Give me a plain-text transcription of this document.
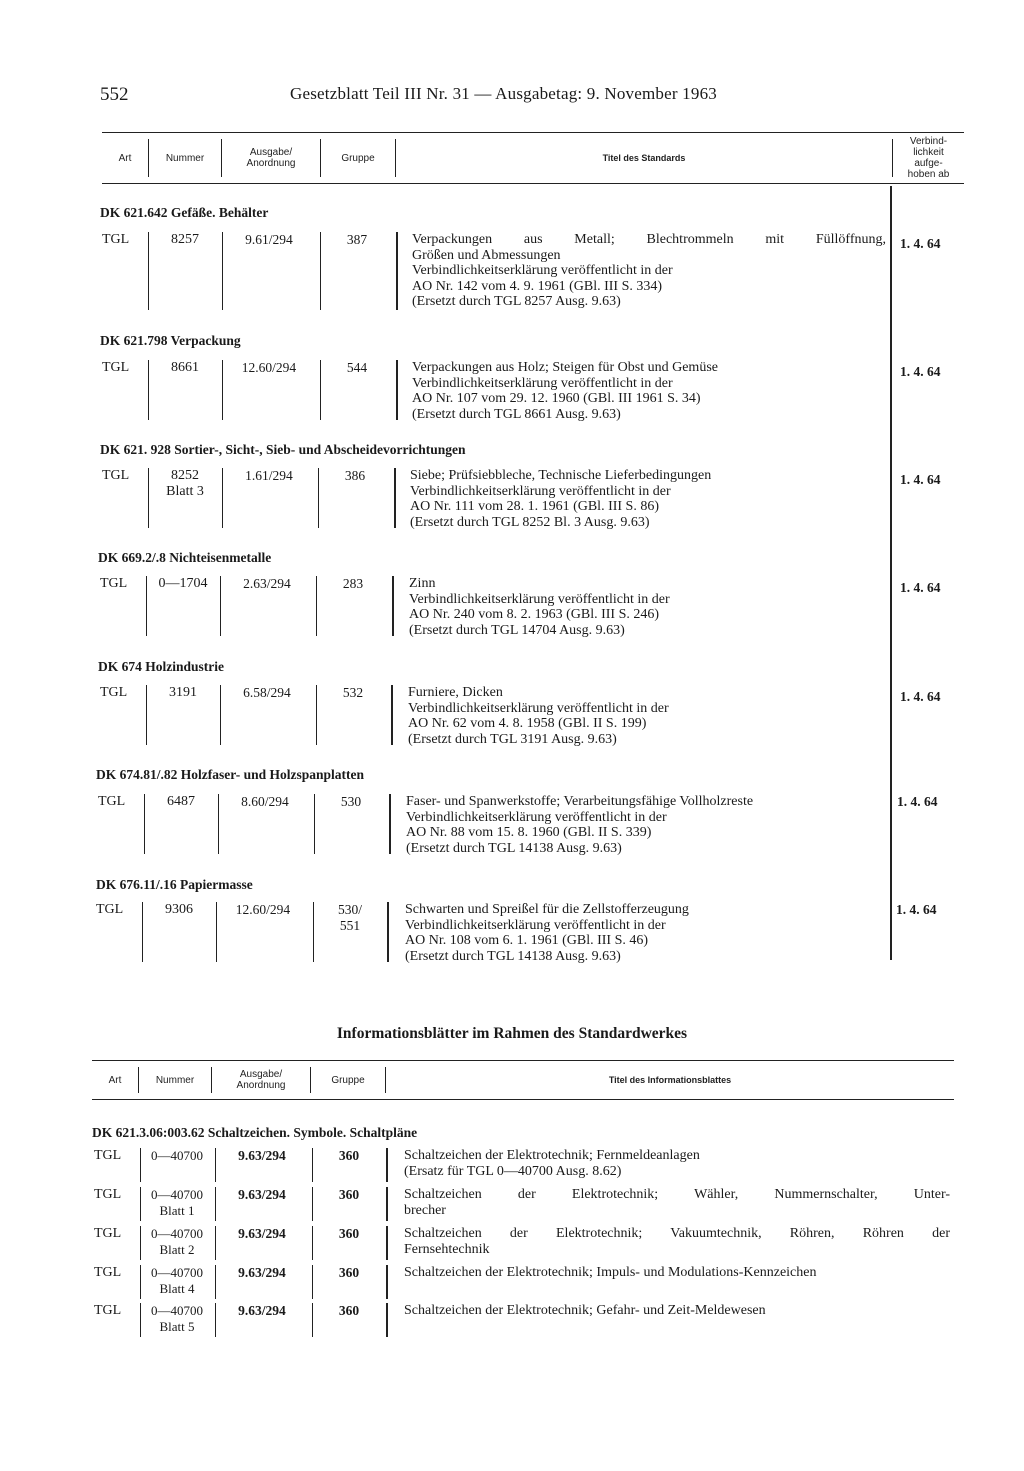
552	Gesetzblatt Teil III Nr. 31 — Ausgabetag: 9. November 1963
Art	Nummer	Ausgabe/
Anordnung	Gruppe	Titel des Standards
Verbind-
lichkeit
aufge-
hoben ab
DK 621.642 Gefäße. Behälter
TGL	8257	9.61/294	387	Verpackungen aus Metall; Blechtrommeln mit Füllöffnung,
Größen und Abmessungen
Verbindlichkeitserklärung veröffentlicht in der
AO Nr. 142 vom 4. 9. 1961 (GBl. III S. 334)
(Ersetzt durch TGL 8257 Ausg. 9.63)
1. 4. 64
DK 621.798 Verpackung
TGL	8661	12.60/294	544	Verpackungen aus Holz; Steigen für Obst und Gemüse
Verbindlichkeitserklärung veröffentlicht in der
AO Nr. 107 vom 29. 12. 1960 (GBl. III 1961 S. 34)
(Ersetzt durch TGL 8661 Ausg. 9.63)
1. 4. 64
DK 621. 928 Sortier-, Sicht-, Sieb- und Abscheidevorrichtungen
TGL	8252
Blatt 3
1.61/294	386	Siebe; Prüfsiebbleche, Technische Lieferbedingungen
Verbindlichkeitserklärung veröffentlicht in der
AO Nr. 111 vom 28. 1. 1961 (GBl. III S. 86)
(Ersetzt durch TGL 8252 Bl. 3 Ausg. 9.63)
1. 4. 64
DK 669.2/.8 Nichteisenmetalle
TGL	0—1704	2.63/294	283	Zinn
Verbindlichkeitserklärung veröffentlicht in der
AO Nr. 240 vom 8. 2. 1963 (GBl. III S. 246)
(Ersetzt durch TGL 14704 Ausg. 9.63)
1. 4. 64
DK 674 Holzindustrie
TGL	3191	6.58/294	532	Furniere, Dicken
Verbindlichkeitserklärung veröffentlicht in der
AO Nr. 62 vom 4. 8. 1958 (GBl. II S. 199)
(Ersetzt durch TGL 3191 Ausg. 9.63)
1. 4. 64
DK 674.81/.82 Holzfaser- und Holzspanplatten
TGL	6487	8.60/294	530	Faser- und Spanwerkstoffe; Verarbeitungsfähige Vollholzreste
Verbindlichkeitserklärung veröffentlicht in der
AO Nr. 88 vom 15. 8. 1960 (GBl. II S. 339)
(Ersetzt durch TGL 14138 Ausg. 9.63)
1. 4. 64
DK 676.11/.16 Papiermasse
TGL	9306	12.60/294	530/
551
Schwarten und Spreißel für die Zellstofferzeugung
Verbindlichkeitserklärung veröffentlicht in der
AO Nr. 108 vom 6. 1. 1961 (GBl. III S. 46)
(Ersetzt durch TGL 14138 Ausg. 9.63)
1. 4. 64
Informationsblätter im Rahmen des Standardwerkes
Art	Nummer	Ausgabe/
Anordnung	Gruppe	Titel des Informationsblattes
DK 621.3.06:003.62 Schaltzeichen. Symbole. Schaltpläne
TGL	0—40700	9.63/294	360	Schaltzeichen der Elektrotechnik; Fernmeldeanlagen
(Ersatz für TGL 0—40700 Ausg. 8.62)
TGL	0—40700
Blatt 1
9.63/294	360	Schaltzeichen der Elektrotechnik; Wähler, Nummernschalter, Unter-
brecher
TGL	0—40700
Blatt 2
9.63/294	360	Schaltzeichen der Elektrotechnik; Vakuumtechnik, Röhren, Röhren der
Fernsehtechnik
TGL	0—40700
Blatt 4
9.63/294	360	Schaltzeichen der Elektrotechnik; Impuls- und Modulations-Kennzeichen
TGL	0—40700
Blatt 5
9.63/294	360	Schaltzeichen der Elektrotechnik; Gefahr- und Zeit-Meldewesen
